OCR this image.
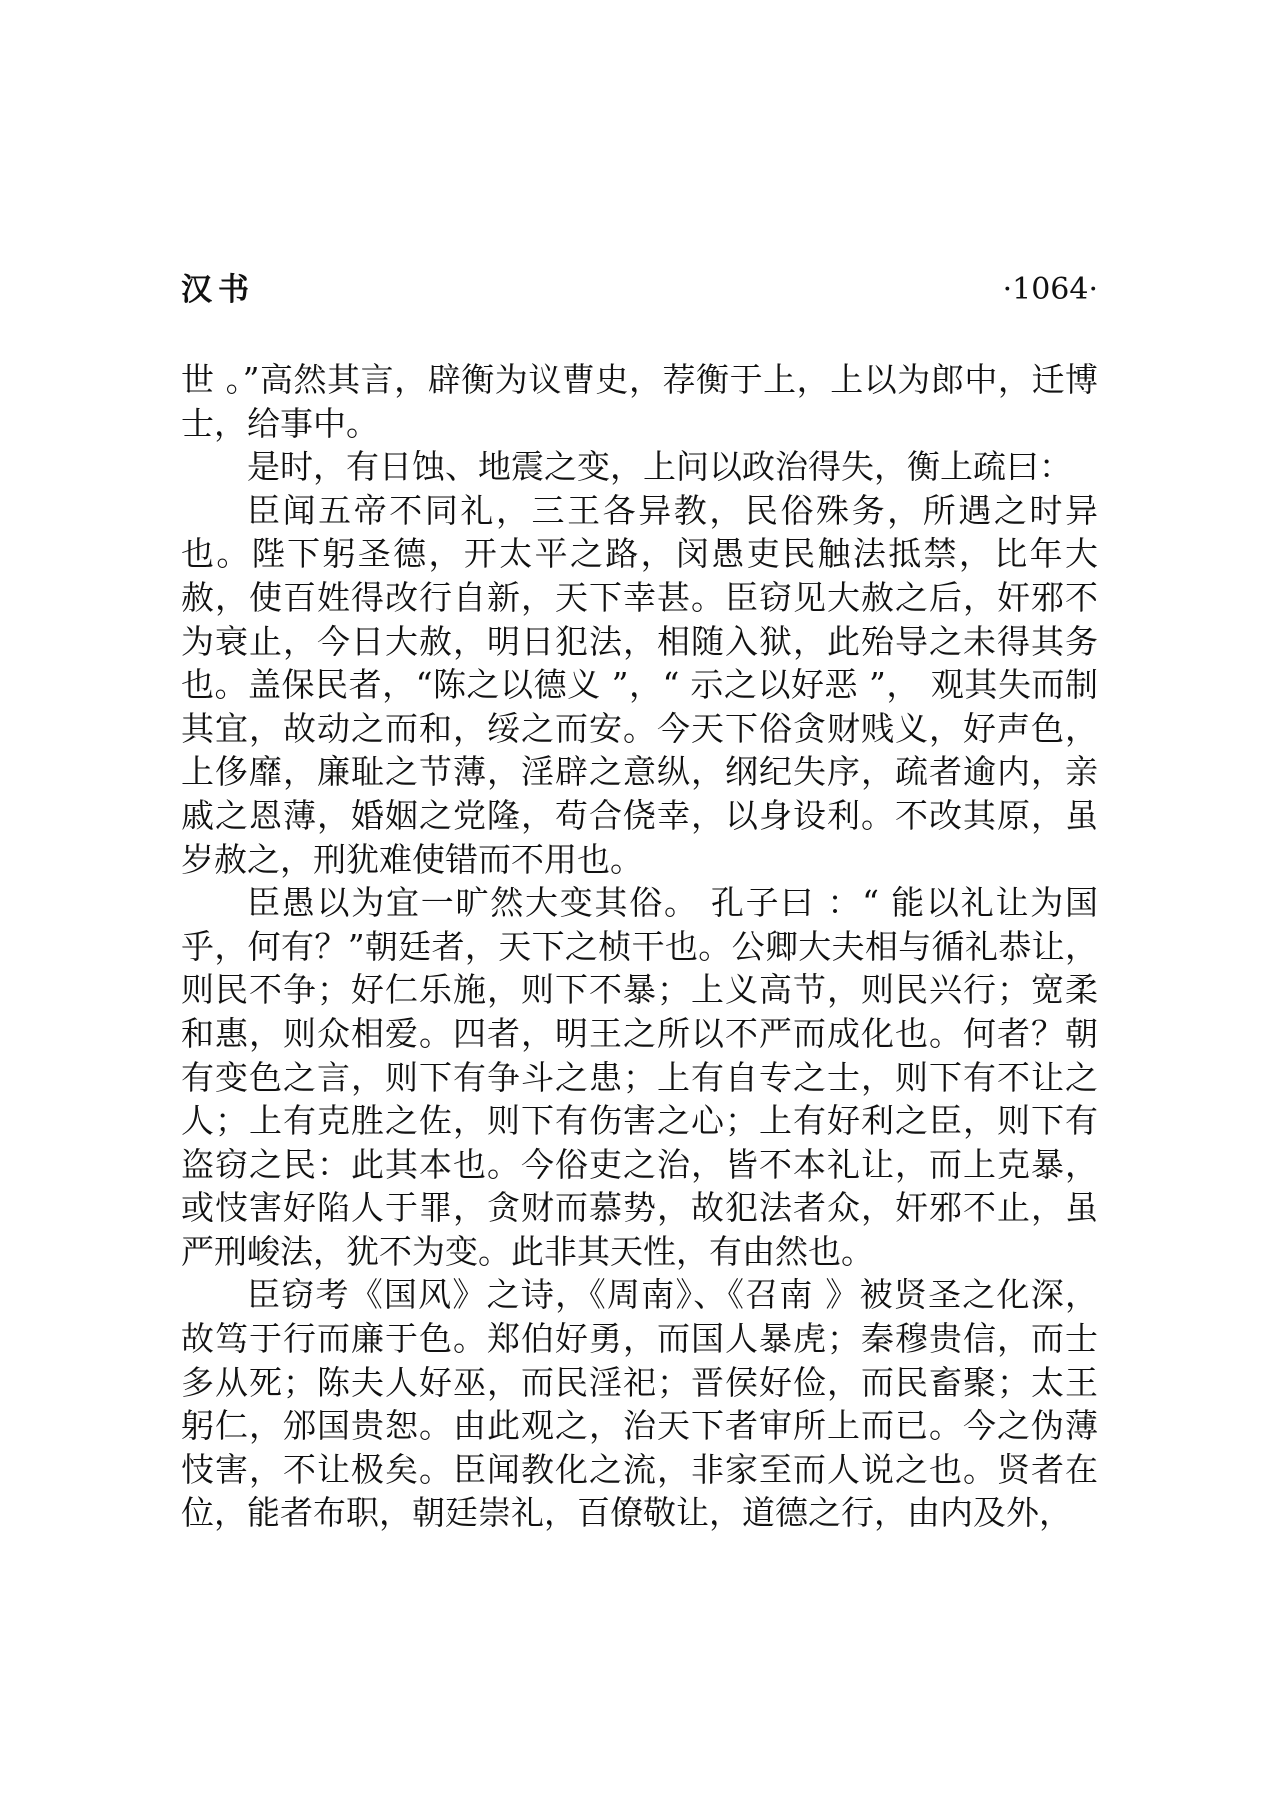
汉书	·1064·

世 。”高然其言，辟衡为议曹史，荐衡于上，上以为郎中，迁博士，给事中。

是时，有日蚀、地震之变，上问以政治得失，衡上疏曰：

臣闻五帝不同礼，三王各异教，民俗殊务，所遇之时异也。陛下躬圣德，开太平之路，闵愚吏民触法抵禁，比年大赦，使百姓得改行自新，天下幸甚。臣窃见大赦之后，奸邪不为衰止，今日大赦，明日犯法，相随入狱，此殆导之未得其务也。盖保民者，“陈之以德义 ”，“ 示之以好恶 ”， 观其失而制其宜，故动之而和，绥之而安。今天下俗贪财贱义，好声色，上侈靡，廉耻之节薄，淫辟之意纵，纲纪失序，疏者逾内，亲戚之恩薄，婚姻之党隆，苟合侥幸，以身设利。不改其原，虽岁赦之，刑犹难使错而不用也。

臣愚以为宜一旷然大变其俗。 孔子曰 ：“ 能以礼让为国乎，何有？”朝廷者，天下之桢干也。公卿大夫相与循礼恭让，则民不争；好仁乐施，则下不暴；上义高节，则民兴行；宽柔和惠，则众相爱。四者，明王之所以不严而成化也。何者？朝有变色之言，则下有争斗之患；上有自专之士，则下有不让之人；上有克胜之佐，则下有伤害之心；上有好利之臣，则下有盗窃之民：此其本也。今俗吏之治，皆不本礼让，而上克暴，或忮害好陷人于罪，贪财而慕势，故犯法者众，奸邪不止，虽严刑峻法，犹不为变。此非其天性，有由然也。

臣窃考《国风》之诗，《周南》、《召南 》被贤圣之化深，故笃于行而廉于色。郑伯好勇，而国人暴虎；秦穆贵信，而士多从死；陈夫人好巫，而民淫祀；晋侯好俭，而民畜聚；太王躬仁，邠国贵恕。由此观之，治天下者审所上而已。今之伪薄忮害，不让极矣。臣闻教化之流，非家至而人说之也。贤者在位，能者布职，朝廷崇礼，百僚敬让，道德之行，由内及外，
